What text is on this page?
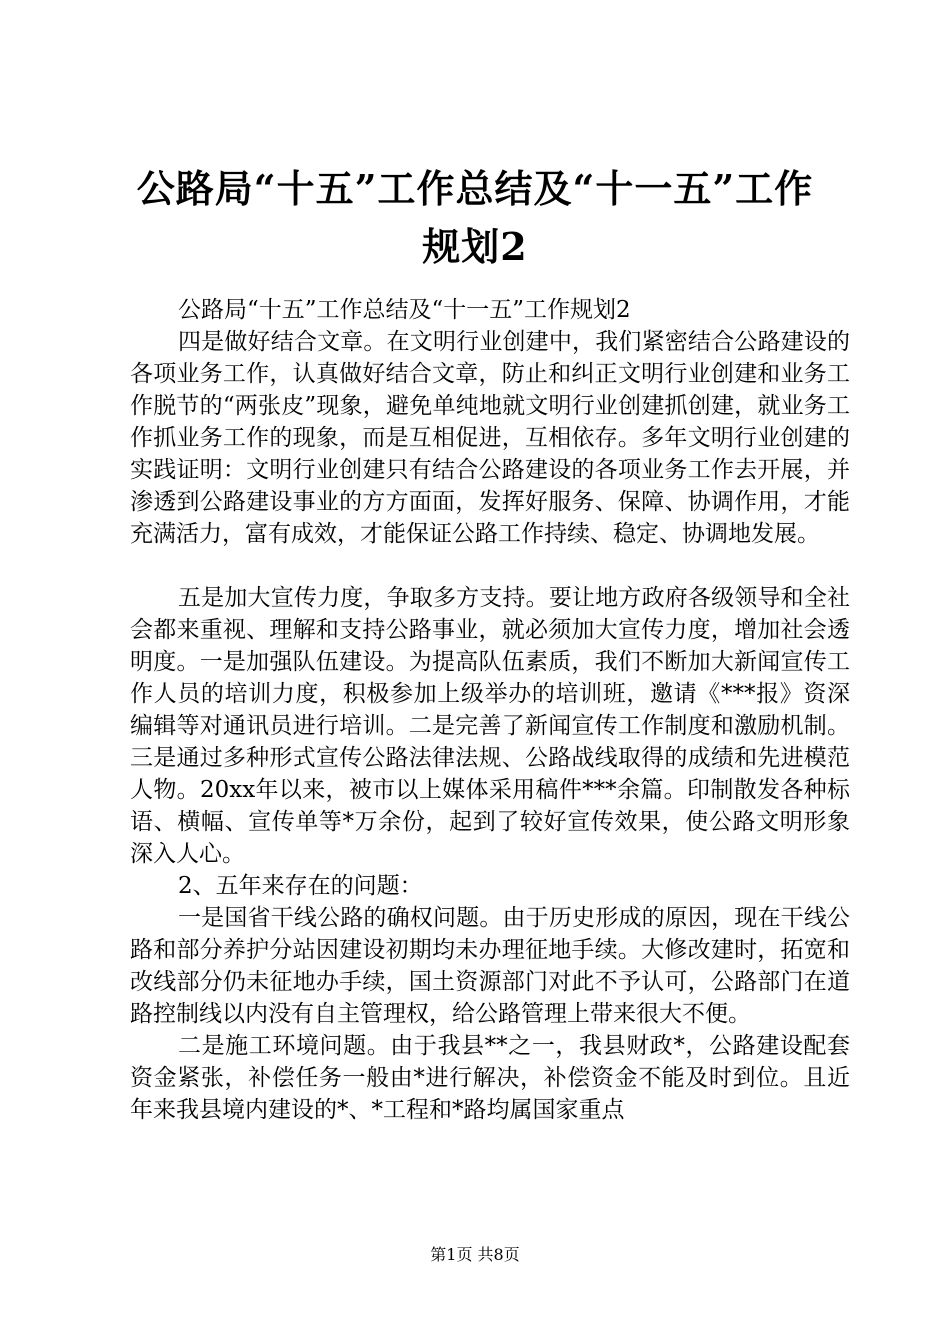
公路局“十五”工作总结及“十一五”工作规划2

公路局“十五”工作总结及“十一五”工作规划2

四是做好结合文章。在文明行业创建中，我们紧密结合公路建设的各项业务工作，认真做好结合文章，防止和纠正文明行业创建和业务工作脱节的“两张皮”现象，避免单纯地就文明行业创建抓创建，就业务工作抓业务工作的现象，而是互相促进，互相依存。多年文明行业创建的实践证明：文明行业创建只有结合公路建设的各项业务工作去开展，并渗透到公路建设事业的方方面面，发挥好服务、保障、协调作用，才能充满活力，富有成效，才能保证公路工作持续、稳定、协调地发展。

五是加大宣传力度，争取多方支持。要让地方政府各级领导和全社会都来重视、理解和支持公路事业，就必须加大宣传力度，增加社会透明度。一是加强队伍建设。为提高队伍素质，我们不断加大新闻宣传工作人员的培训力度，积极参加上级举办的培训班，邀请《***报》资深编辑等对通讯员进行培训。二是完善了新闻宣传工作制度和激励机制。三是通过多种形式宣传公路法律法规、公路战线取得的成绩和先进模范人物。20xx年以来，被市以上媒体采用稿件***余篇。印制散发各种标语、横幅、宣传单等*万余份，起到了较好宣传效果，使公路文明形象深入人心。

2、五年来存在的问题：

一是国省干线公路的确权问题。由于历史形成的原因，现在干线公路和部分养护分站因建设初期均未办理征地手续。大修改建时，拓宽和改线部分仍未征地办手续，国土资源部门对此不予认可，公路部门在道路控制线以内没有自主管理权，给公路管理上带来很大不便。

二是施工环境问题。由于我县**之一，我县财政*，公路建设配套资金紧张，补偿任务一般由*进行解决，补偿资金不能及时到位。且近年来我县境内建设的*、*工程和*路均属国家重点

第1页 共8页
